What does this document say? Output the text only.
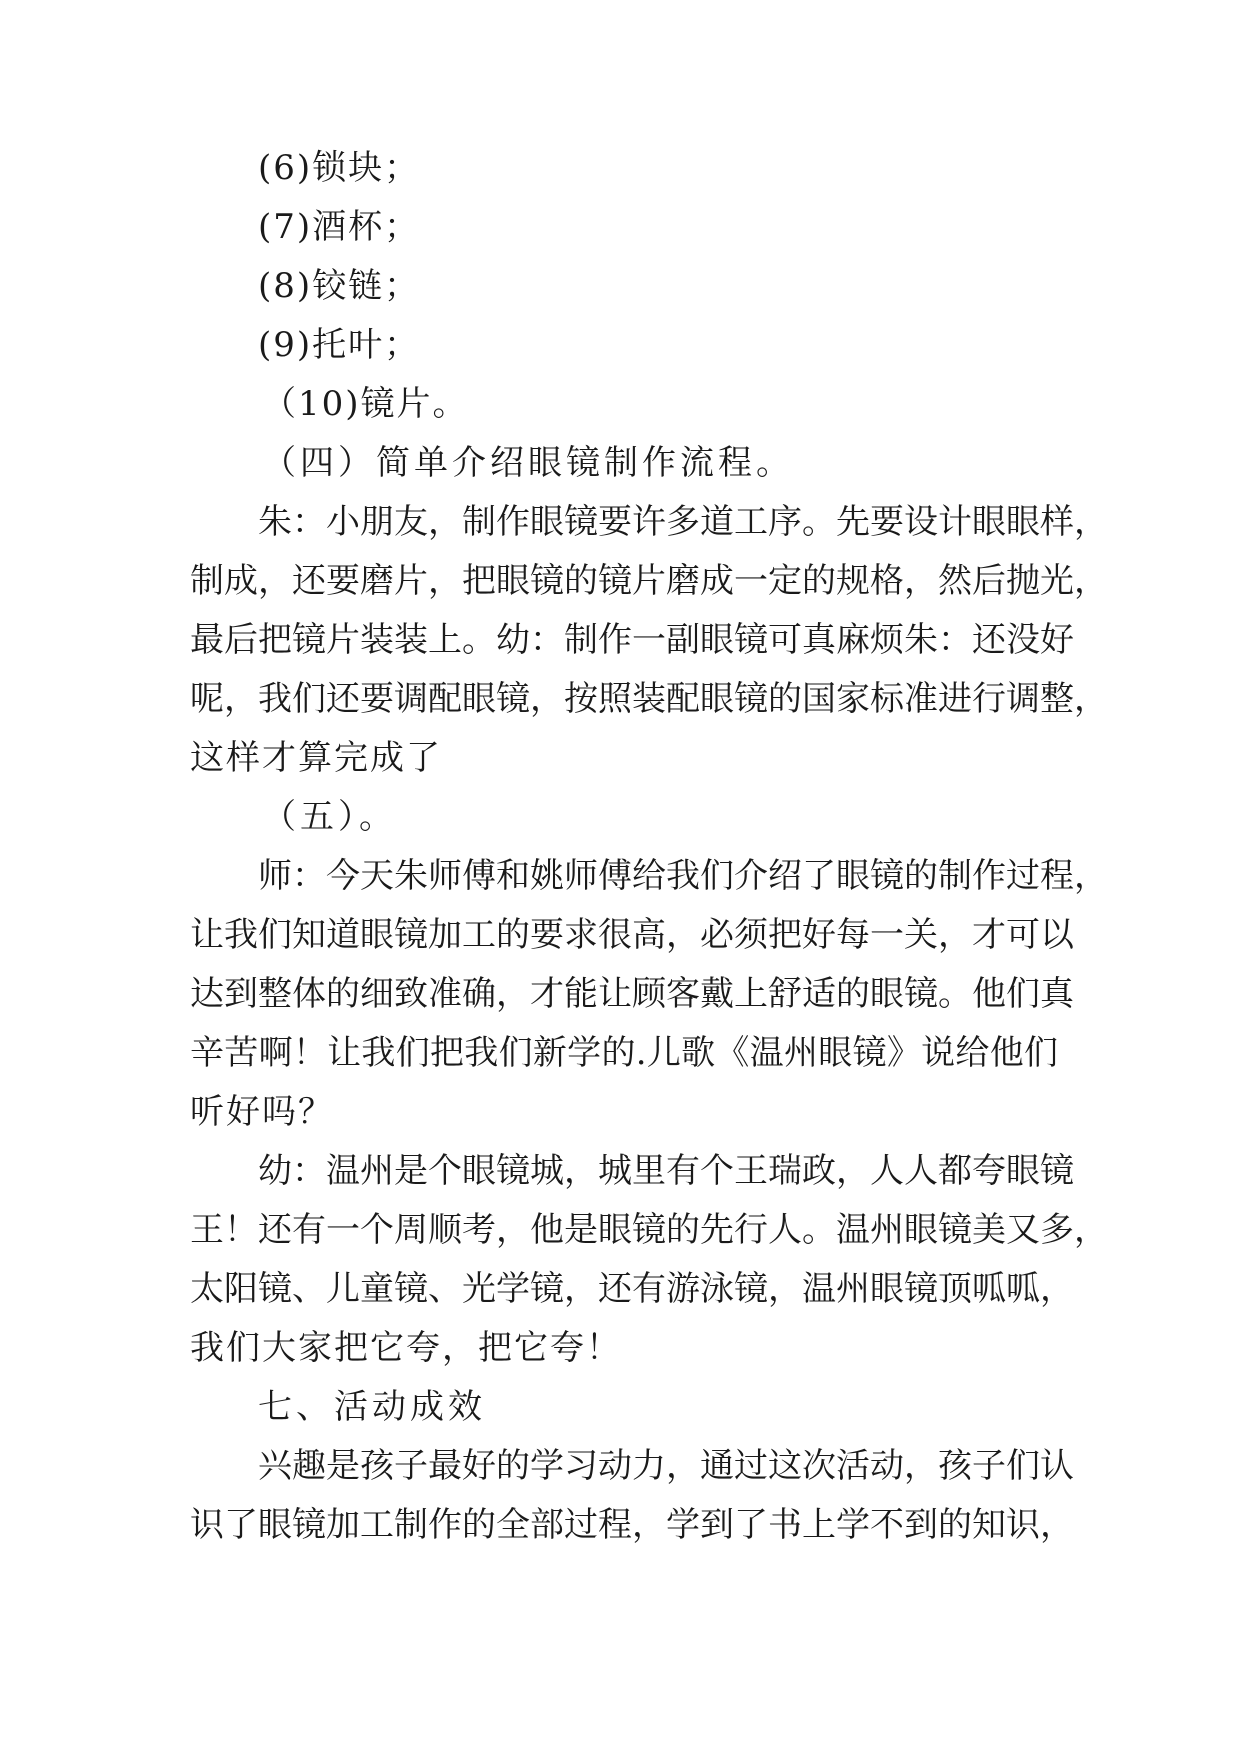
(6)锁块；
(7)酒杯；
(8)铰链；
(9)托叶；
（10)镜片。
（四）简单介绍眼镜制作流程。
朱：小朋友，制作眼镜要许多道工序。先要设计眼眼样，
制成，还要磨片，把眼镜的镜片磨成一定的规格，然后抛光，
最后把镜片装装上。幼：制作一副眼镜可真麻烦朱：还没好
呢，我们还要调配眼镜，按照装配眼镜的国家标准进行调整，
这样才算完成了
（五）。
师：今天朱师傅和姚师傅给我们介绍了眼镜的制作过程，
让我们知道眼镜加工的要求很高，必须把好每一关，才可以
达到整体的细致准确，才能让顾客戴上舒适的眼镜。他们真
辛苦啊！让我们把我们新学的.儿歌《温州眼镜》说给他们
听好吗？
幼：温州是个眼镜城，城里有个王瑞政，人人都夸眼镜
王！还有一个周顺考，他是眼镜的先行人。温州眼镜美又多，
太阳镜、儿童镜、光学镜，还有游泳镜，温州眼镜顶呱呱，
我们大家把它夸，把它夸！
七、活动成效
兴趣是孩子最好的学习动力，通过这次活动，孩子们认
识了眼镜加工制作的全部过程，学到了书上学不到的知识，
